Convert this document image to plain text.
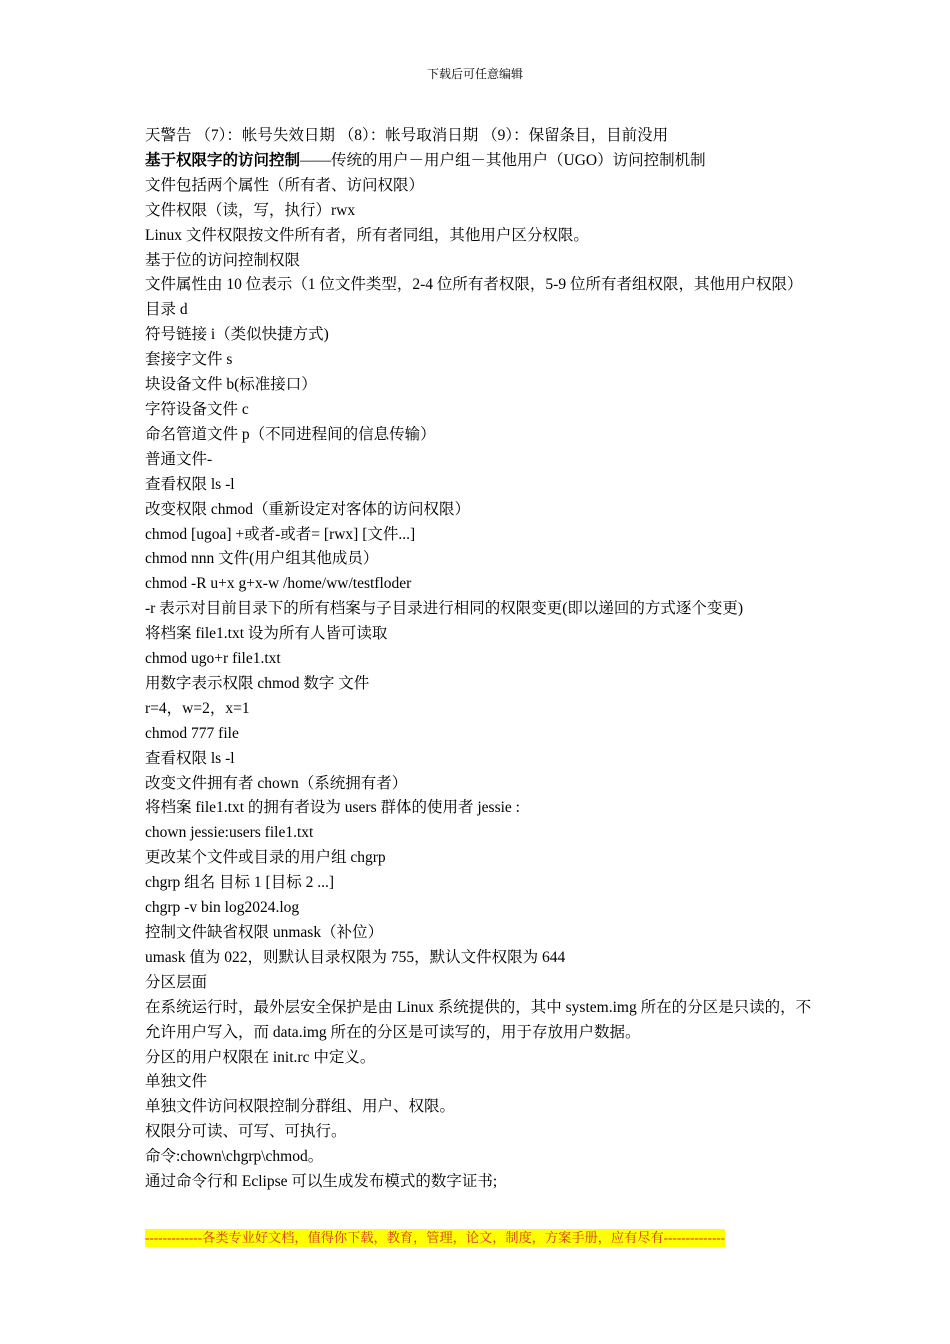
下载后可任意编辑
天警告 （7）：帐号失效日期 （8）：帐号取消日期 （9）：保留条目，目前没用
基于权限字的访问控制——传统的用户－用户组－其他用户（UGO）访问控制机制
文件包括两个属性（所有者、访问权限）
文件权限（读，写，执行）rwx
Linux 文件权限按文件所有者，所有者同组，其他用户区分权限。
基于位的访问控制权限
文件属性由 10 位表示（1 位文件类型，2-4 位所有者权限，5-9 位所有者组权限，其他用户权限）
目录 d
符号链接 i（类似快捷方式)
套接字文件 s
块设备文件 b(标准接口）
字符设备文件 c
命名管道文件 p（不同进程间的信息传输）
普通文件-
查看权限 ls -l
改变权限 chmod（重新设定对客体的访问权限）
chmod [ugoa] +或者-或者= [rwx] [文件...]
chmod nnn 文件(用户组其他成员）
chmod -R u+x g+x-w /home/ww/testfloder
-r 表示对目前目录下的所有档案与子目录进行相同的权限变更(即以递回的方式逐个变更)
将档案 file1.txt 设为所有人皆可读取
chmod ugo+r file1.txt
用数字表示权限 chmod 数字 文件
r=4，w=2，x=1
chmod 777 file
查看权限 ls -l
改变文件拥有者 chown（系统拥有者）
将档案 file1.txt 的拥有者设为 users 群体的使用者 jessie :
chown jessie:users file1.txt
更改某个文件或目录的用户组 chgrp
chgrp 组名 目标 1 [目标 2 ...]
chgrp -v bin log2024.log
控制文件缺省权限 unmask（补位）
umask 值为 022，则默认目录权限为 755，默认文件权限为 644
分区层面
在系统运行时，最外层安全保护是由 Linux 系统提供的，其中 system.img 所在的分区是只读的，不允许用户写入，而 data.img 所在的分区是可读写的，用于存放用户数据。
分区的用户权限在 init.rc 中定义。
单独文件
单独文件访问权限控制分群组、用户、权限。
权限分可读、可写、可执行。
命令:chown\chgrp\chmod。
通过命令行和 Eclipse 可以生成发布模式的数字证书;
-------------各类专业好文档，值得你下载，教育，管理，论文，制度，方案手册，应有尽有--------------
